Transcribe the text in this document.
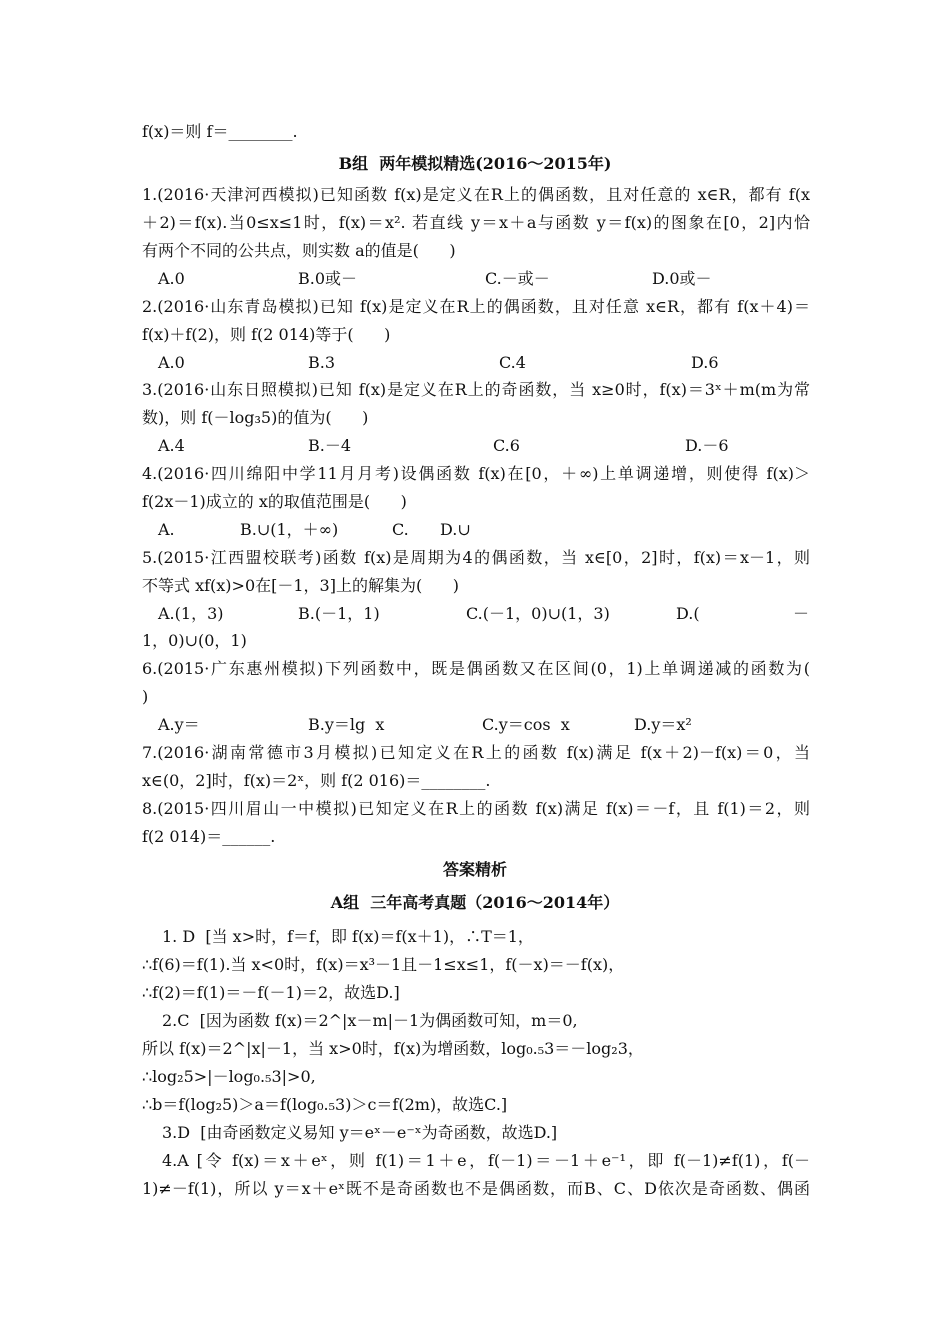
f(x)＝则 f＝________.
B组  两年模拟精选(2016～2015年)
1.(2016·天津河西模拟)已知函数 f(x)是定义在R上的偶函数，且对任意的 x∈R，都有 f(x
＋2)＝f(x).当0≤x≤1时，f(x)＝x². 若直线 y＝x＋a与函数 y＝f(x)的图象在[0，2]内恰
有两个不同的公共点，则实数 a的值是(      )
A.0	B.0或－	C.－或－	D.0或－
2.(2016·山东青岛模拟)已知 f(x)是定义在R上的偶函数，且对任意 x∈R，都有 f(x＋4)＝
f(x)＋f(2)，则 f(2 014)等于(      )
A.0	B.3	C.4	D.6
3.(2016·山东日照模拟)已知 f(x)是定义在R上的奇函数，当 x≥0时，f(x)＝3ˣ＋m(m为常
数)，则 f(－log₃5)的值为(      )
A.4	B.－4	C.6	D.－6
4.(2016·四川绵阳中学11月月考)设偶函数 f(x)在[0，＋∞)上单调递增，则使得 f(x)＞
f(2x－1)成立的 x的取值范围是(      )
A.	B.∪(1，＋∞)	C. D.∪
5.(2015·江西盟校联考)函数 f(x)是周期为4的偶函数，当 x∈[0，2]时，f(x)＝x－1，则
不等式 xf(x)>0在[－1，3]上的解集为(      )
A.(1，3)	B.(－1，1)	C.(－1，0)∪(1，3)	D.(	－
1，0)∪(0，1)
6.(2015·广东惠州模拟)下列函数中，既是偶函数又在区间(0，1)上单调递减的函数为(
)
A.y＝	B.y＝lg  x	C.y＝cos  x	D.y＝x²
7.(2016·湖南常德市3月模拟)已知定义在R上的函数 f(x)满足 f(x＋2)－f(x)＝0，当
x∈(0，2]时，f(x)＝2ˣ，则 f(2 016)＝________.
8.(2015·四川眉山一中模拟)已知定义在R上的函数 f(x)满足 f(x)＝－f，且 f(1)＝2，则
f(2 014)＝______.
答案精析
A组  三年高考真题（2016～2014年）
1. D  [当 x>时，f＝f，即 f(x)＝f(x＋1)，∴T＝1，
∴f(6)＝f(1).当 x<0时，f(x)＝x³－1且－1≤x≤1，f(－x)＝－f(x)，
∴f(2)＝f(1)＝－f(－1)＝2，故选D.]
2.C  [因为函数 f(x)＝2^|x－m|－1为偶函数可知，m＝0,
所以 f(x)＝2^|x|－1，当 x>0时，f(x)为增函数，log₀.₅3＝－log₂3，
∴log₂5>|－log₀.₅3|>0,
∴b＝f(log₂5)＞a＝f(log₀.₅3)＞c＝f(2m)，故选C.]
3.D  [由奇函数定义易知 y＝eˣ－e⁻ˣ为奇函数，故选D.]
4.A [令 f(x)＝x＋eˣ，则 f(1)＝1＋e，f(－1)＝－1＋e⁻¹，即 f(－1)≠f(1)，f(－
1)≠－f(1)，所以 y＝x＋eˣ既不是奇函数也不是偶函数，而B、C、D依次是奇函数、偶函
